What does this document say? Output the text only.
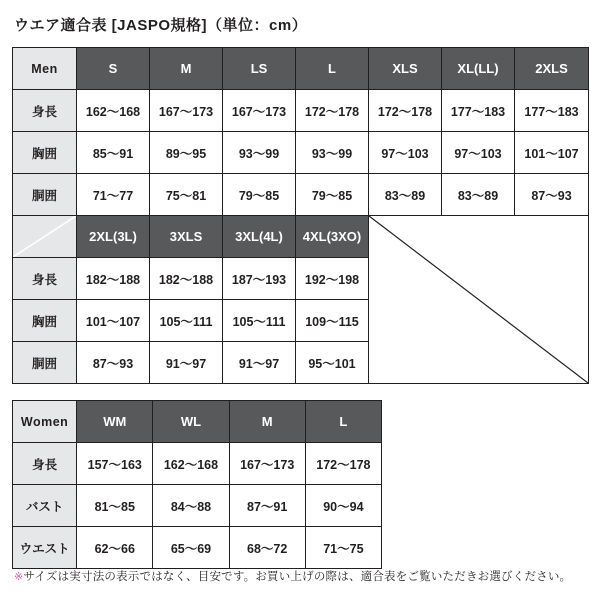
ウエア適合表 [JASPO規格]（単位：cm）
Men	S	M	LS	L	XLS	XL(LL)	2XLS
身長	162〜168	167〜173	167〜173	172〜178	172〜178	177〜183	177〜183
胸囲	85〜91	89〜95	93〜99	93〜99	97〜103	97〜103	101〜107
胴囲	71〜77	75〜81	79〜85	79〜85	83〜89	83〜89	87〜93

	2XL(3L)	3XLS	3XL(4L)	4XL(3XO)	

身長	182〜188	182〜188	187〜193	192〜198			
胸囲	101〜107	105〜111	105〜111	109〜115			
胴囲	87〜93	91〜97	91〜97	95〜101			
Women	WM	WL	M	L
身長	157〜163	162〜168	167〜173	172〜178
バスト	81〜85	84〜88	87〜91	90〜94
ウエスト	62〜66	65〜69	68〜72	71〜75
※サイズは実寸法の表示ではなく、目安です。お買い上げの際は、適合表をご覧いただきお選びください。
